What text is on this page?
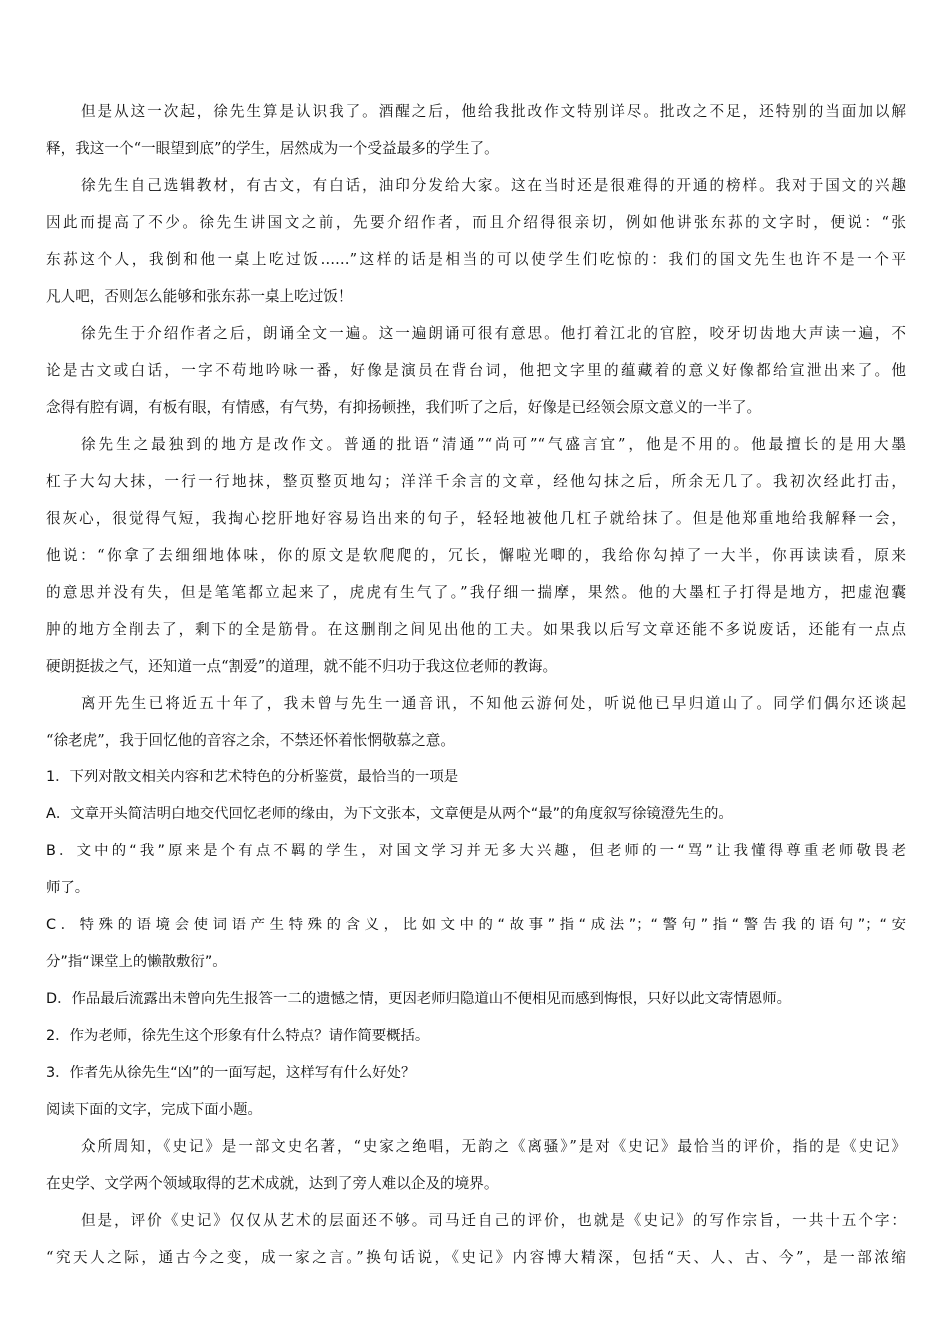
但是从这一次起，徐先生算是认识我了。酒醒之后，他给我批改作文特别详尽。批改之不足，还特别的当面加以解
释，我这一个“一眼望到底”的学生，居然成为一个受益最多的学生了。
徐先生自己选辑教材，有古文，有白话，油印分发给大家。这在当时还是很难得的开通的榜样。我对于国文的兴趣
因此而提高了不少。徐先生讲国文之前，先要介绍作者，而且介绍得很亲切，例如他讲张东荪的文字时，便说：“张
东荪这个人，我倒和他一桌上吃过饭……”这样的话是相当的可以使学生们吃惊的：我们的国文先生也许不是一个平
凡人吧，否则怎么能够和张东荪一桌上吃过饭！
徐先生于介绍作者之后，朗诵全文一遍。这一遍朗诵可很有意思。他打着江北的官腔，咬牙切齿地大声读一遍，不
论是古文或白话，一字不苟地吟咏一番，好像是演员在背台词，他把文字里的蕴藏着的意义好像都给宣泄出来了。他
念得有腔有调，有板有眼，有情感，有气势，有抑扬顿挫，我们听了之后，好像是已经领会原文意义的一半了。
徐先生之最独到的地方是改作文。普通的批语“清通”“尚可”“气盛言宜”，他是不用的。他最擅长的是用大墨
杠子大勾大抹，一行一行地抹，整页整页地勾；洋洋千余言的文章，经他勾抹之后，所余无几了。我初次经此打击，
很灰心，很觉得气短，我掏心挖肝地好容易诌出来的句子，轻轻地被他几杠子就给抹了。但是他郑重地给我解释一会，
他说：“你拿了去细细地体味，你的原文是软爬爬的，冗长，懈啦光唧的，我给你勾掉了一大半，你再读读看，原来
的意思并没有失，但是笔笔都立起来了，虎虎有生气了。”我仔细一揣摩，果然。他的大墨杠子打得是地方，把虚泡囊
肿的地方全削去了，剩下的全是筋骨。在这删削之间见出他的工夫。如果我以后写文章还能不多说废话，还能有一点点
硬朗挺拔之气，还知道一点“割爱”的道理，就不能不归功于我这位老师的教诲。
离开先生已将近五十年了，我未曾与先生一通音讯，不知他云游何处，听说他已早归道山了。同学们偶尔还谈起
“徐老虎”，我于回忆他的音容之余，不禁还怀着怅惘敬慕之意。
1．下列对散文相关内容和艺术特色的分析鉴赏，最恰当的一项是
A．文章开头简洁明白地交代回忆老师的缘由，为下文张本，文章便是从两个“最”的角度叙写徐镜澄先生的。
B．文中的“我”原来是个有点不羁的学生，对国文学习并无多大兴趣，但老师的一“骂”让我懂得尊重老师敬畏老
师了。
C．特殊的语境会使词语产生特殊的含义，比如文中的“故事”指“成法”；“警句”指“警告我的语句”；“安
分”指“课堂上的懒散敷衍”。
D．作品最后流露出未曾向先生报答一二的遗憾之情，更因老师归隐道山不便相见而感到悔恨，只好以此文寄情恩师。
2．作为老师，徐先生这个形象有什么特点？请作简要概括。
3．作者先从徐先生“凶”的一面写起，这样写有什么好处？
阅读下面的文字，完成下面小题。
众所周知，《史记》是一部文史名著，“史家之绝唱，无韵之《离骚》”是对《史记》最恰当的评价，指的是《史记》
在史学、文学两个领域取得的艺术成就，达到了旁人难以企及的境界。
但是，评价《史记》仅仅从艺术的层面还不够。司马迁自己的评价，也就是《史记》的写作宗旨，一共十五个字：
“究天人之际，通古今之变，成一家之言。”换句话说，《史记》内容博大精深，包括“天、人、古、今”，是一部浓缩
